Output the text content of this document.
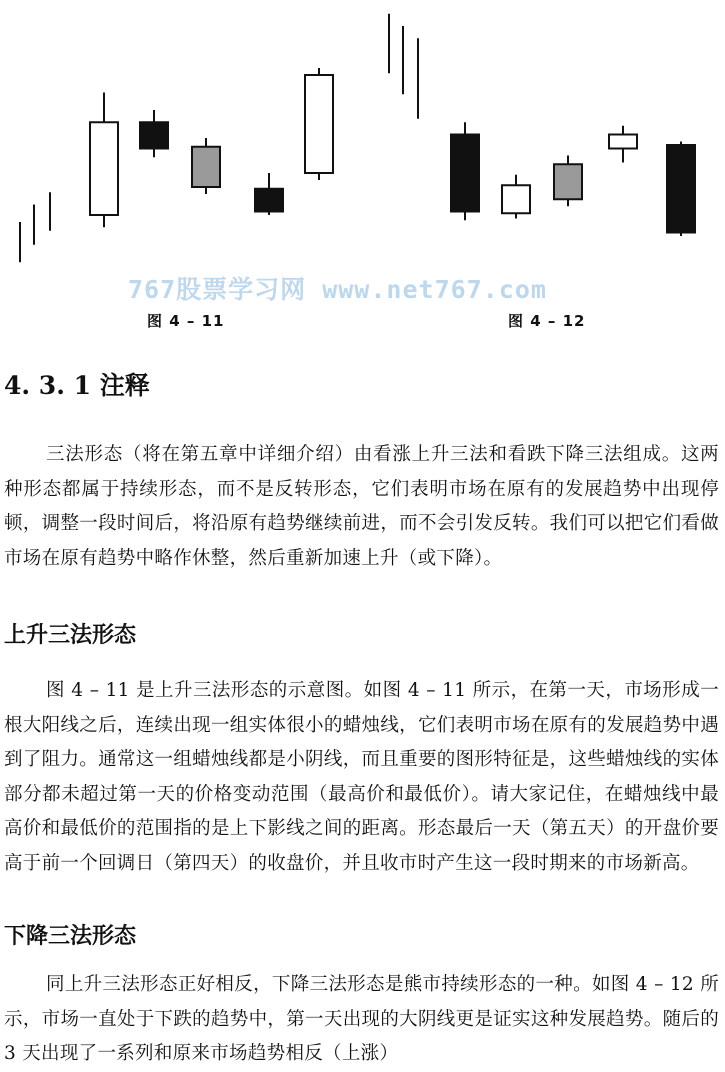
767股票学习网 www.net767.com
图 4 – 11	图 4 – 12
4. 3. 1 注释

三法形态（将在第五章中详细介绍）由看涨上升三法和看跌下降三法组成。这两种形态都属于持续形态，而不是反转形态，它们表明市场在原有的发展趋势中出现停顿，调整一段时间后，将沿原有趋势继续前进，而不会引发反转。我们可以把它们看做市场在原有趋势中略作休整，然后重新加速上升（或下降）。

上升三法形态

图 4 – 11 是上升三法形态的示意图。如图 4 – 11 所示，在第一天，市场形成一根大阳线之后，连续出现一组实体很小的蜡烛线，它们表明市场在原有的发展趋势中遇到了阻力。通常这一组蜡烛线都是小阴线，而且重要的图形特征是，这些蜡烛线的实体部分都未超过第一天的价格变动范围（最高价和最低价）。请大家记住，在蜡烛线中最高价和最低价的范围指的是上下影线之间的距离。形态最后一天（第五天）的开盘价要高于前一个回调日（第四天）的收盘价，并且收市时产生这一段时期来的市场新高。

下降三法形态

同上升三法形态正好相反，下降三法形态是熊市持续形态的一种。如图 4 – 12 所示，市场一直处于下跌的趋势中，第一天出现的大阴线更是证实这种发展趋势。随后的 3 天出现了一系列和原来市场趋势相反（上涨）
